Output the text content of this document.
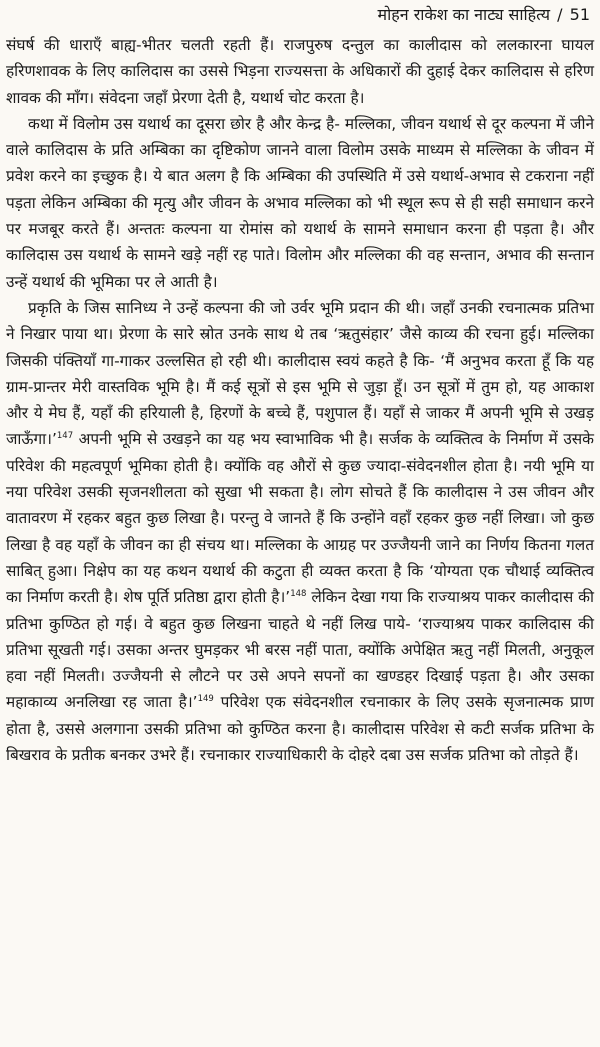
मोहन राकेश का नाट्य साहित्य / 51

संघर्ष की धाराएँ बाह्य-भीतर चलती रहती हैं। राजपुरुष दन्तुल का कालीदास को ललकारना घायल हरिणशावक के लिए कालिदास का उससे भिड़ना राज्यसत्ता के अधिकारों की दुहाई देकर कालिदास से हरिण शावक की माँग। संवेदना जहाँ प्रेरणा देती है, यथार्थ चोट करता है।

कथा में विलोम उस यथार्थ का दूसरा छोर है और केन्द्र है- मल्लिका, जीवन यथार्थ से दूर कल्पना में जीने वाले कालिदास के प्रति अम्बिका का दृष्टिकोण जानने वाला विलोम उसके माध्यम से मल्लिका के जीवन में प्रवेश करने का इच्छुक है। ये बात अलग है कि अम्बिका की उपस्थिति में उसे यथार्थ-अभाव से टकराना नहीं पड़ता लेकिन अम्बिका की मृत्यु और जीवन के अभाव मल्लिका को भी स्थूल रूप से ही सही समाधान करने पर मजबूर करते हैं। अन्ततः कल्पना या रोमांस को यथार्थ के सामने समाधान करना ही पड़ता है। और कालिदास उस यथार्थ के सामने खड़े नहीं रह पाते। विलोम और मल्लिका की वह सन्तान, अभाव की सन्तान उन्हें यथार्थ की भूमिका पर ले आती है।

प्रकृति के जिस सानिध्य ने उन्हें कल्पना की जो उर्वर भूमि प्रदान की थी। जहाँ उनकी रचनात्मक प्रतिभा ने निखार पाया था। प्रेरणा के सारे स्रोत उनके साथ थे तब ‘ऋतुसंहार’ जैसे काव्य की रचना हुई। मल्लिका जिसकी पंक्तियाँ गा-गाकर उल्लसित हो रही थी। कालीदास स्वयं कहते है कि- ‘मैं अनुभव करता हूँ कि यह ग्राम-प्रान्तर मेरी वास्तविक भूमि है। मैं कई सूत्रों से इस भूमि से जुड़ा हूँ। उन सूत्रों में तुम हो, यह आकाश और ये मेघ हैं, यहाँ की हरियाली है, हिरणों के बच्चे हैं, पशुपाल हैं। यहाँ से जाकर मैं अपनी भूमि से उखड़ जाऊँगा।’$^{147}$ अपनी भूमि से उखड़ने का यह भय स्वाभाविक भी है। सर्जक के व्यक्तित्व के निर्माण में उसके परिवेश की महत्वपूर्ण भूमिका होती है। क्योंकि वह औरों से कुछ ज्यादा-संवेदनशील होता है। नयी भूमि या नया परिवेश उसकी सृजनशीलता को सुखा भी सकता है। लोग सोचते हैं कि कालीदास ने उस जीवन और वातावरण में रहकर बहुत कुछ लिखा है। परन्तु वे जानते हैं कि उन्होंने वहाँ रहकर कुछ नहीं लिखा। जो कुछ लिखा है वह यहाँ के जीवन का ही संचय था। मल्लिका के आग्रह पर उज्जैयनी जाने का निर्णय कितना गलत साबित् हुआ। निक्षेप का यह कथन यथार्थ की कटुता ही व्यक्त करता है कि ‘योग्यता एक चौथाई व्यक्तित्व का निर्माण करती है। शेष पूर्ति प्रतिष्ठा द्वारा होती है।’$^{148}$ लेकिन देखा गया कि राज्याश्रय पाकर कालीदास की प्रतिभा कुण्ठित हो गई। वे बहुत कुछ लिखना चाहते थे नहीं लिख पाये- ‘राज्याश्रय पाकर कालिदास की प्रतिभा सूखती गई। उसका अन्तर घुमड़कर भी बरस नहीं पाता, क्योंकि अपेक्षित ऋतु नहीं मिलती, अनुकूल हवा नहीं मिलती। उज्जैयनी से लौटने पर उसे अपने सपनों का खण्डहर दिखाई पड़ता है। और उसका महाकाव्य अनलिखा रह जाता है।’$^{149}$ परिवेश एक संवेदनशील रचनाकार के लिए उसके सृजनात्मक प्राण होता है, उससे अलगाना उसकी प्रतिभा को कुण्ठित करना है। कालीदास परिवेश से कटी सर्जक प्रतिभा के बिखराव के प्रतीक बनकर उभरे हैं। रचनाकार राज्याधिकारी के दोहरे दबा उस सर्जक प्रतिभा को तोड़ते हैं।
